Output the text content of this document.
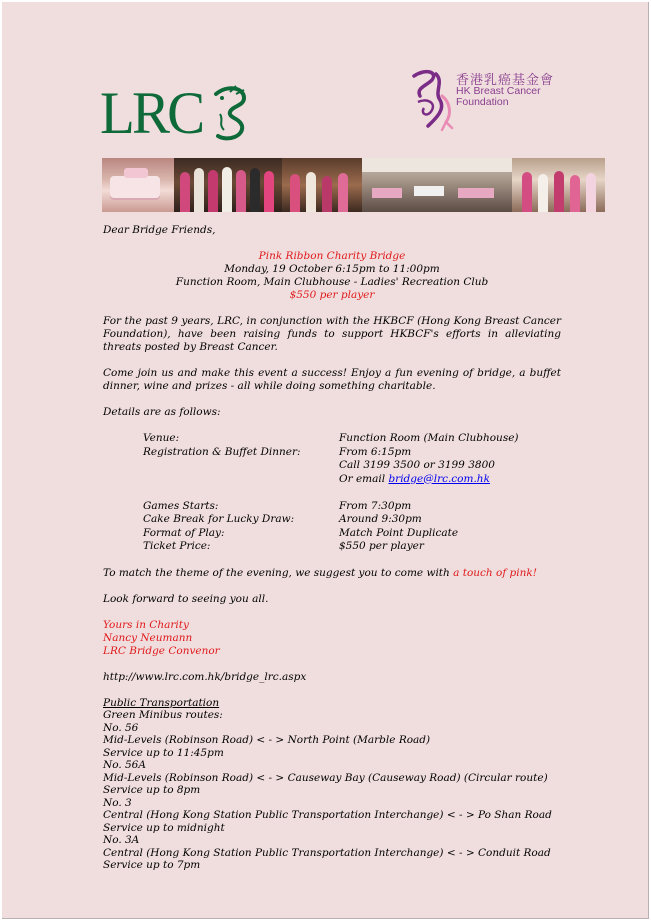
LRC
香港乳癌基金會
HK Breast Cancer
Foundation

Dear Bridge Friends,

Pink Ribbon Charity Bridge

Monday, 19 October 6:15pm to 11:00pm

Function Room, Main Clubhouse - Ladies' Recreation Club

$550 per player

For the past 9 years, LRC, in conjunction with the HKBCF (Hong Kong Breast Cancer Foundation), have been raising funds to support HKBCF's efforts in alleviating threats posted by Breast Cancer.

Come join us and make this event a success! Enjoy a fun evening of bridge, a buffet dinner, wine and prizes - all while doing something charitable.

Details are as follows:

Venue:	Function Room (Main Clubhouse)
Registration & Buffet Dinner:	From 6:15pm
	Call 3199 3500 or 3199 3800
	Or email bridge@lrc.com.hk

Games Starts:	From 7:30pm
Cake Break for Lucky Draw:	Around 9:30pm
Format of Play:	Match Point Duplicate
Ticket Price:	$550 per player

To match the theme of the evening, we suggest you to come with a touch of pink!

Look forward to seeing you all.

Yours in Charity

Nancy Neumann

LRC Bridge Convenor

http://www.lrc.com.hk/bridge_lrc.aspx

Public Transportation

Green Minibus routes:

No. 56

Mid-Levels (Robinson Road) < - > North Point (Marble Road)

Service up to 11:45pm

No. 56A

Mid-Levels (Robinson Road) < - > Causeway Bay (Causeway Road) (Circular route)

Service up to 8pm

No. 3

Central (Hong Kong Station Public Transportation Interchange) < - > Po Shan Road

Service up to midnight

No. 3A

Central (Hong Kong Station Public Transportation Interchange) < - > Conduit Road

Service up to 7pm
